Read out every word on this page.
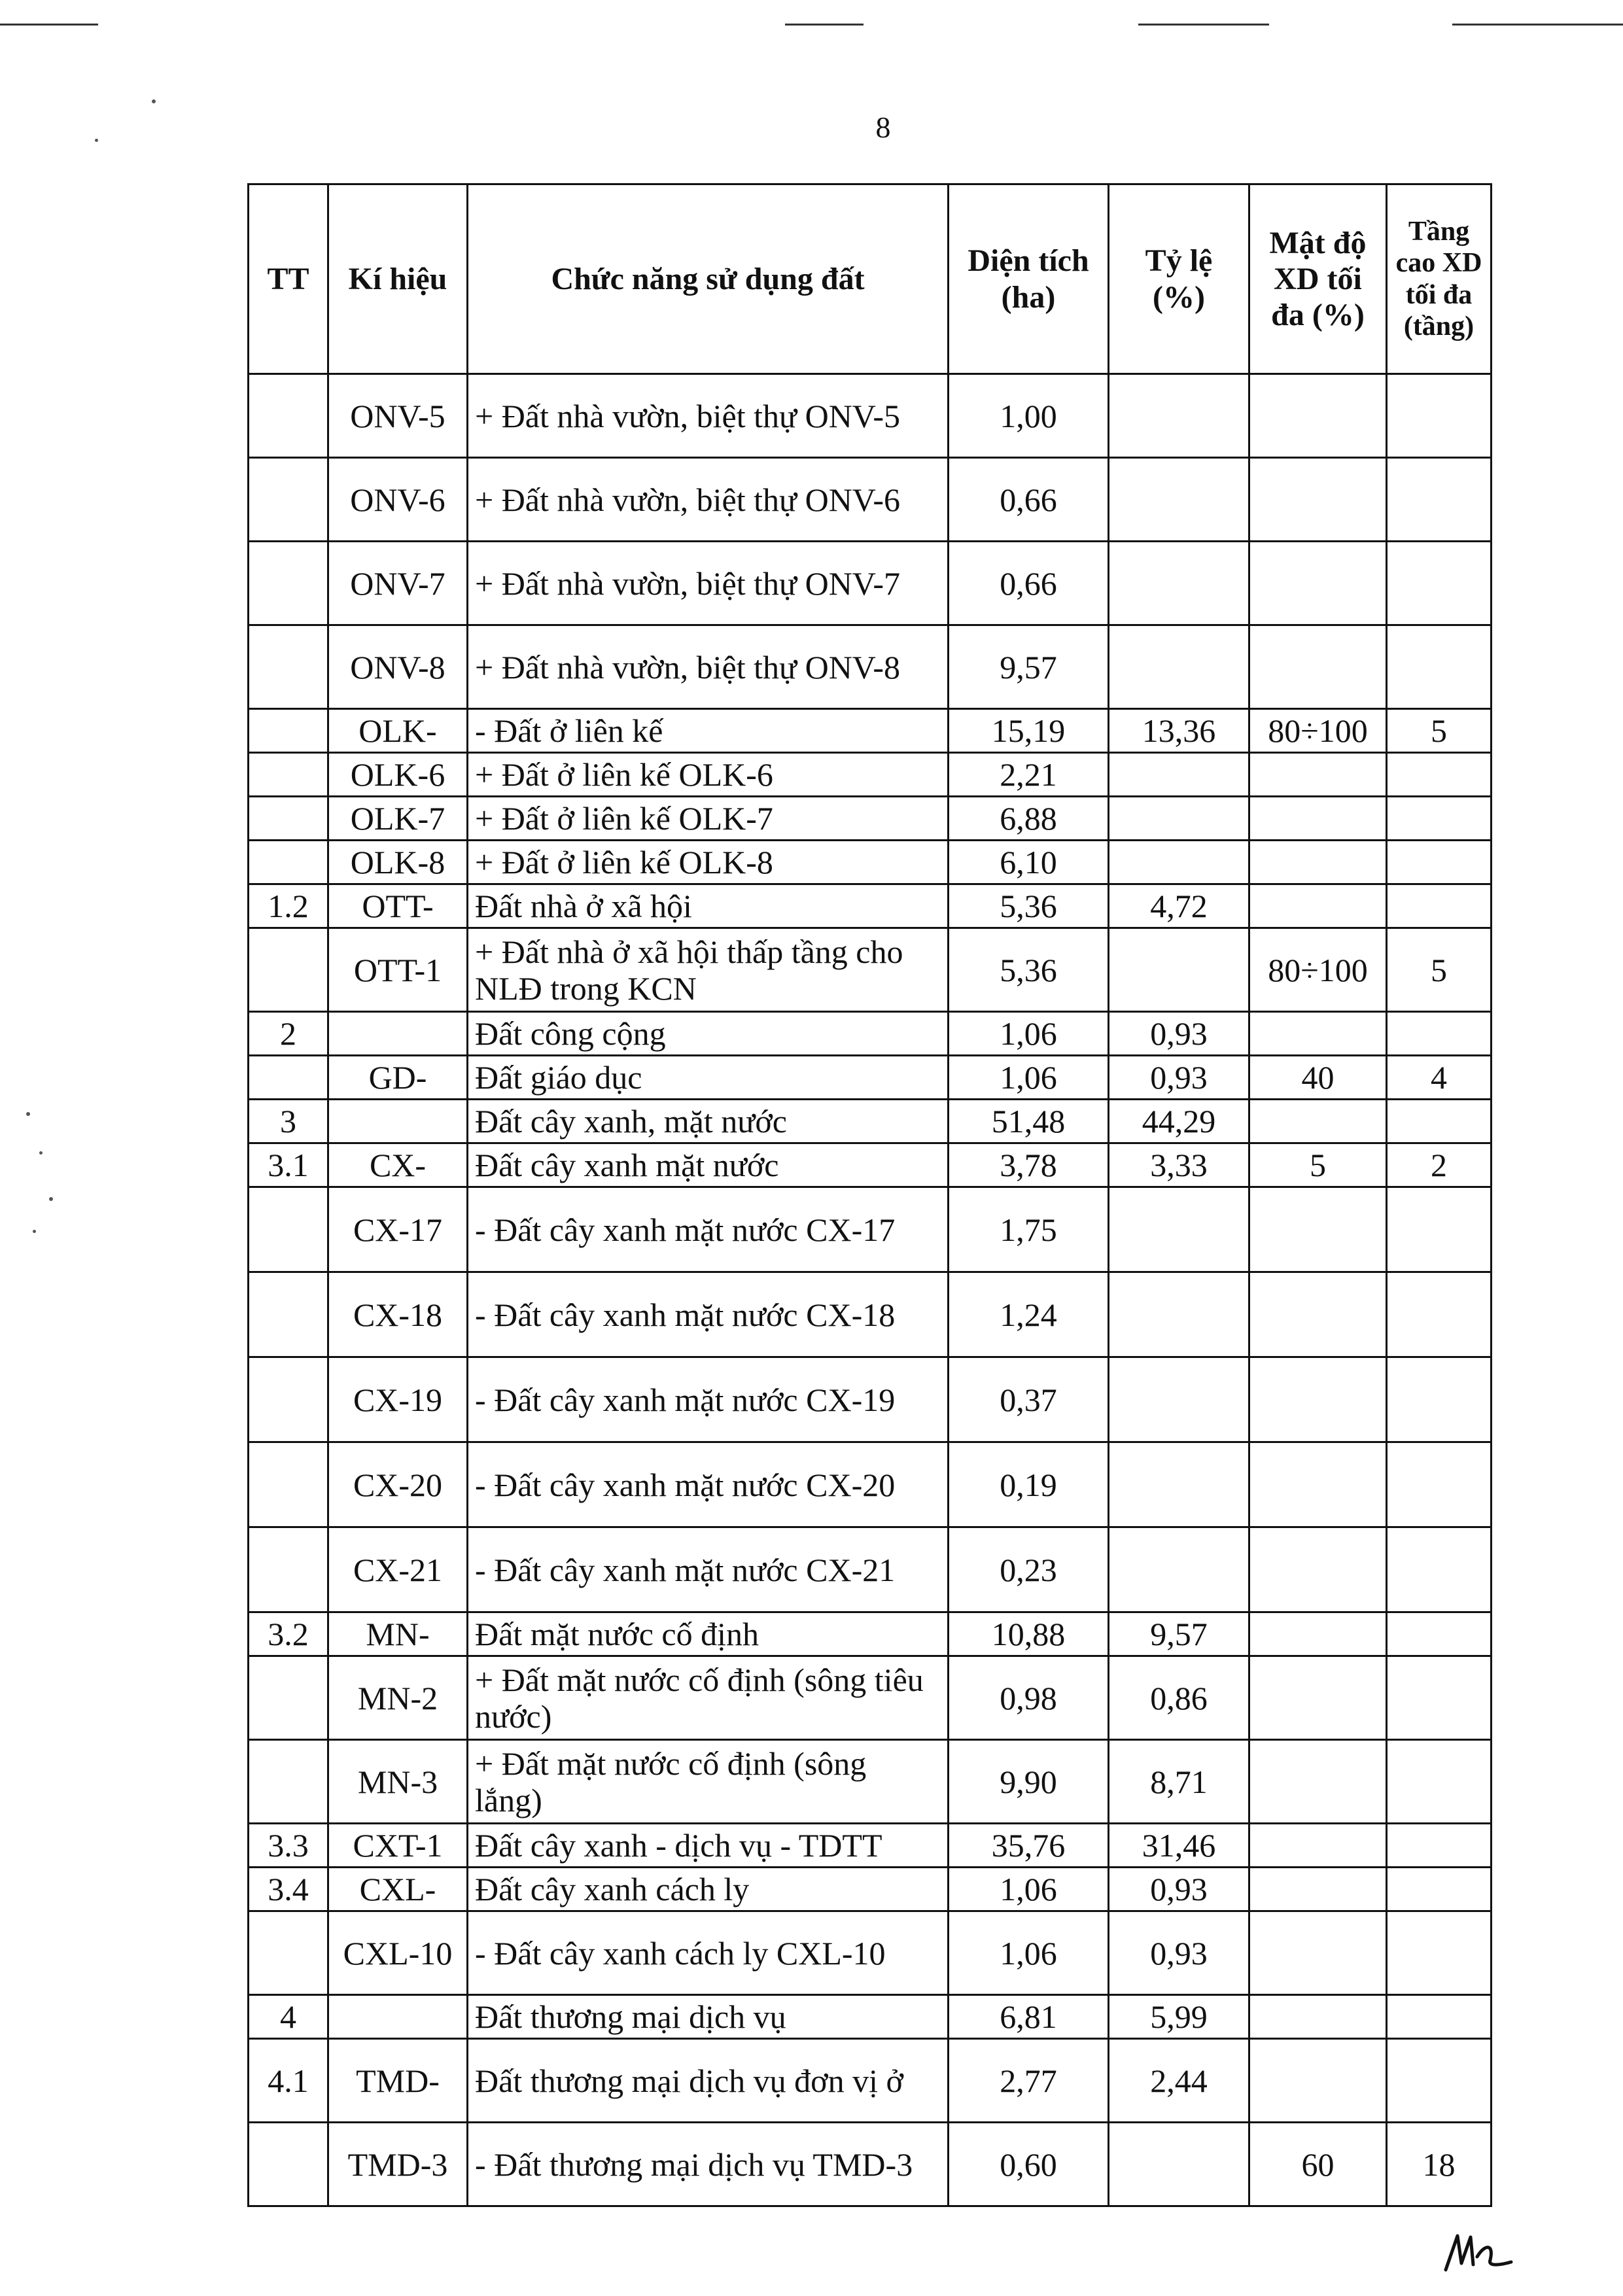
8
TT	Kí hiệu	Chức năng sử dụng đất	Diện tích (ha)	Tỷ lệ (%)	Mật độ XD tối đa (%)	Tầng cao XD tối đa (tầng)
	ONV-5	+ Đất nhà vườn, biệt thự ONV-5	1,00			
	ONV-6	+ Đất nhà vườn, biệt thự ONV-6	0,66			
	ONV-7	+ Đất nhà vườn, biệt thự ONV-7	0,66			
	ONV-8	+ Đất nhà vườn, biệt thự ONV-8	9,57			
	OLK-	- Đất ở liên kế	15,19	13,36	80÷100	5
	OLK-6	+ Đất ở liên kế OLK-6	2,21			
	OLK-7	+ Đất ở liên kế OLK-7	6,88			
	OLK-8	+ Đất ở liên kế OLK-8	6,10			
1.2	OTT-	Đất nhà ở xã hội	5,36	4,72		
	OTT-1	+ Đất nhà ở xã hội thấp tầng cho NLĐ trong KCN	5,36		80÷100	5
2		Đất công cộng	1,06	0,93		
	GD-	Đất giáo dục	1,06	0,93	40	4
3		Đất cây xanh, mặt nước	51,48	44,29		
3.1	CX-	Đất cây xanh mặt nước	3,78	3,33	5	2
	CX-17	- Đất cây xanh mặt nước CX-17	1,75			
	CX-18	- Đất cây xanh mặt nước CX-18	1,24			
	CX-19	- Đất cây xanh mặt nước CX-19	0,37			
	CX-20	- Đất cây xanh mặt nước CX-20	0,19			
	CX-21	- Đất cây xanh mặt nước CX-21	0,23			
3.2	MN-	Đất mặt nước cố định	10,88	9,57		
	MN-2	+ Đất mặt nước cố định (sông tiêu nước)	0,98	0,86		
	MN-3	+ Đất mặt nước cố định (sông lắng)	9,90	8,71		
3.3	CXT-1	Đất cây xanh - dịch vụ - TDTT	35,76	31,46		
3.4	CXL-	Đất cây xanh cách ly	1,06	0,93		
	CXL-10	- Đất cây xanh cách ly CXL-10	1,06	0,93		
4		Đất thương mại dịch vụ	6,81	5,99		
4.1	TMD-	Đất thương mại dịch vụ đơn vị ở	2,77	2,44		
	TMD-3	- Đất thương mại dịch vụ TMD-3	0,60		60	18
